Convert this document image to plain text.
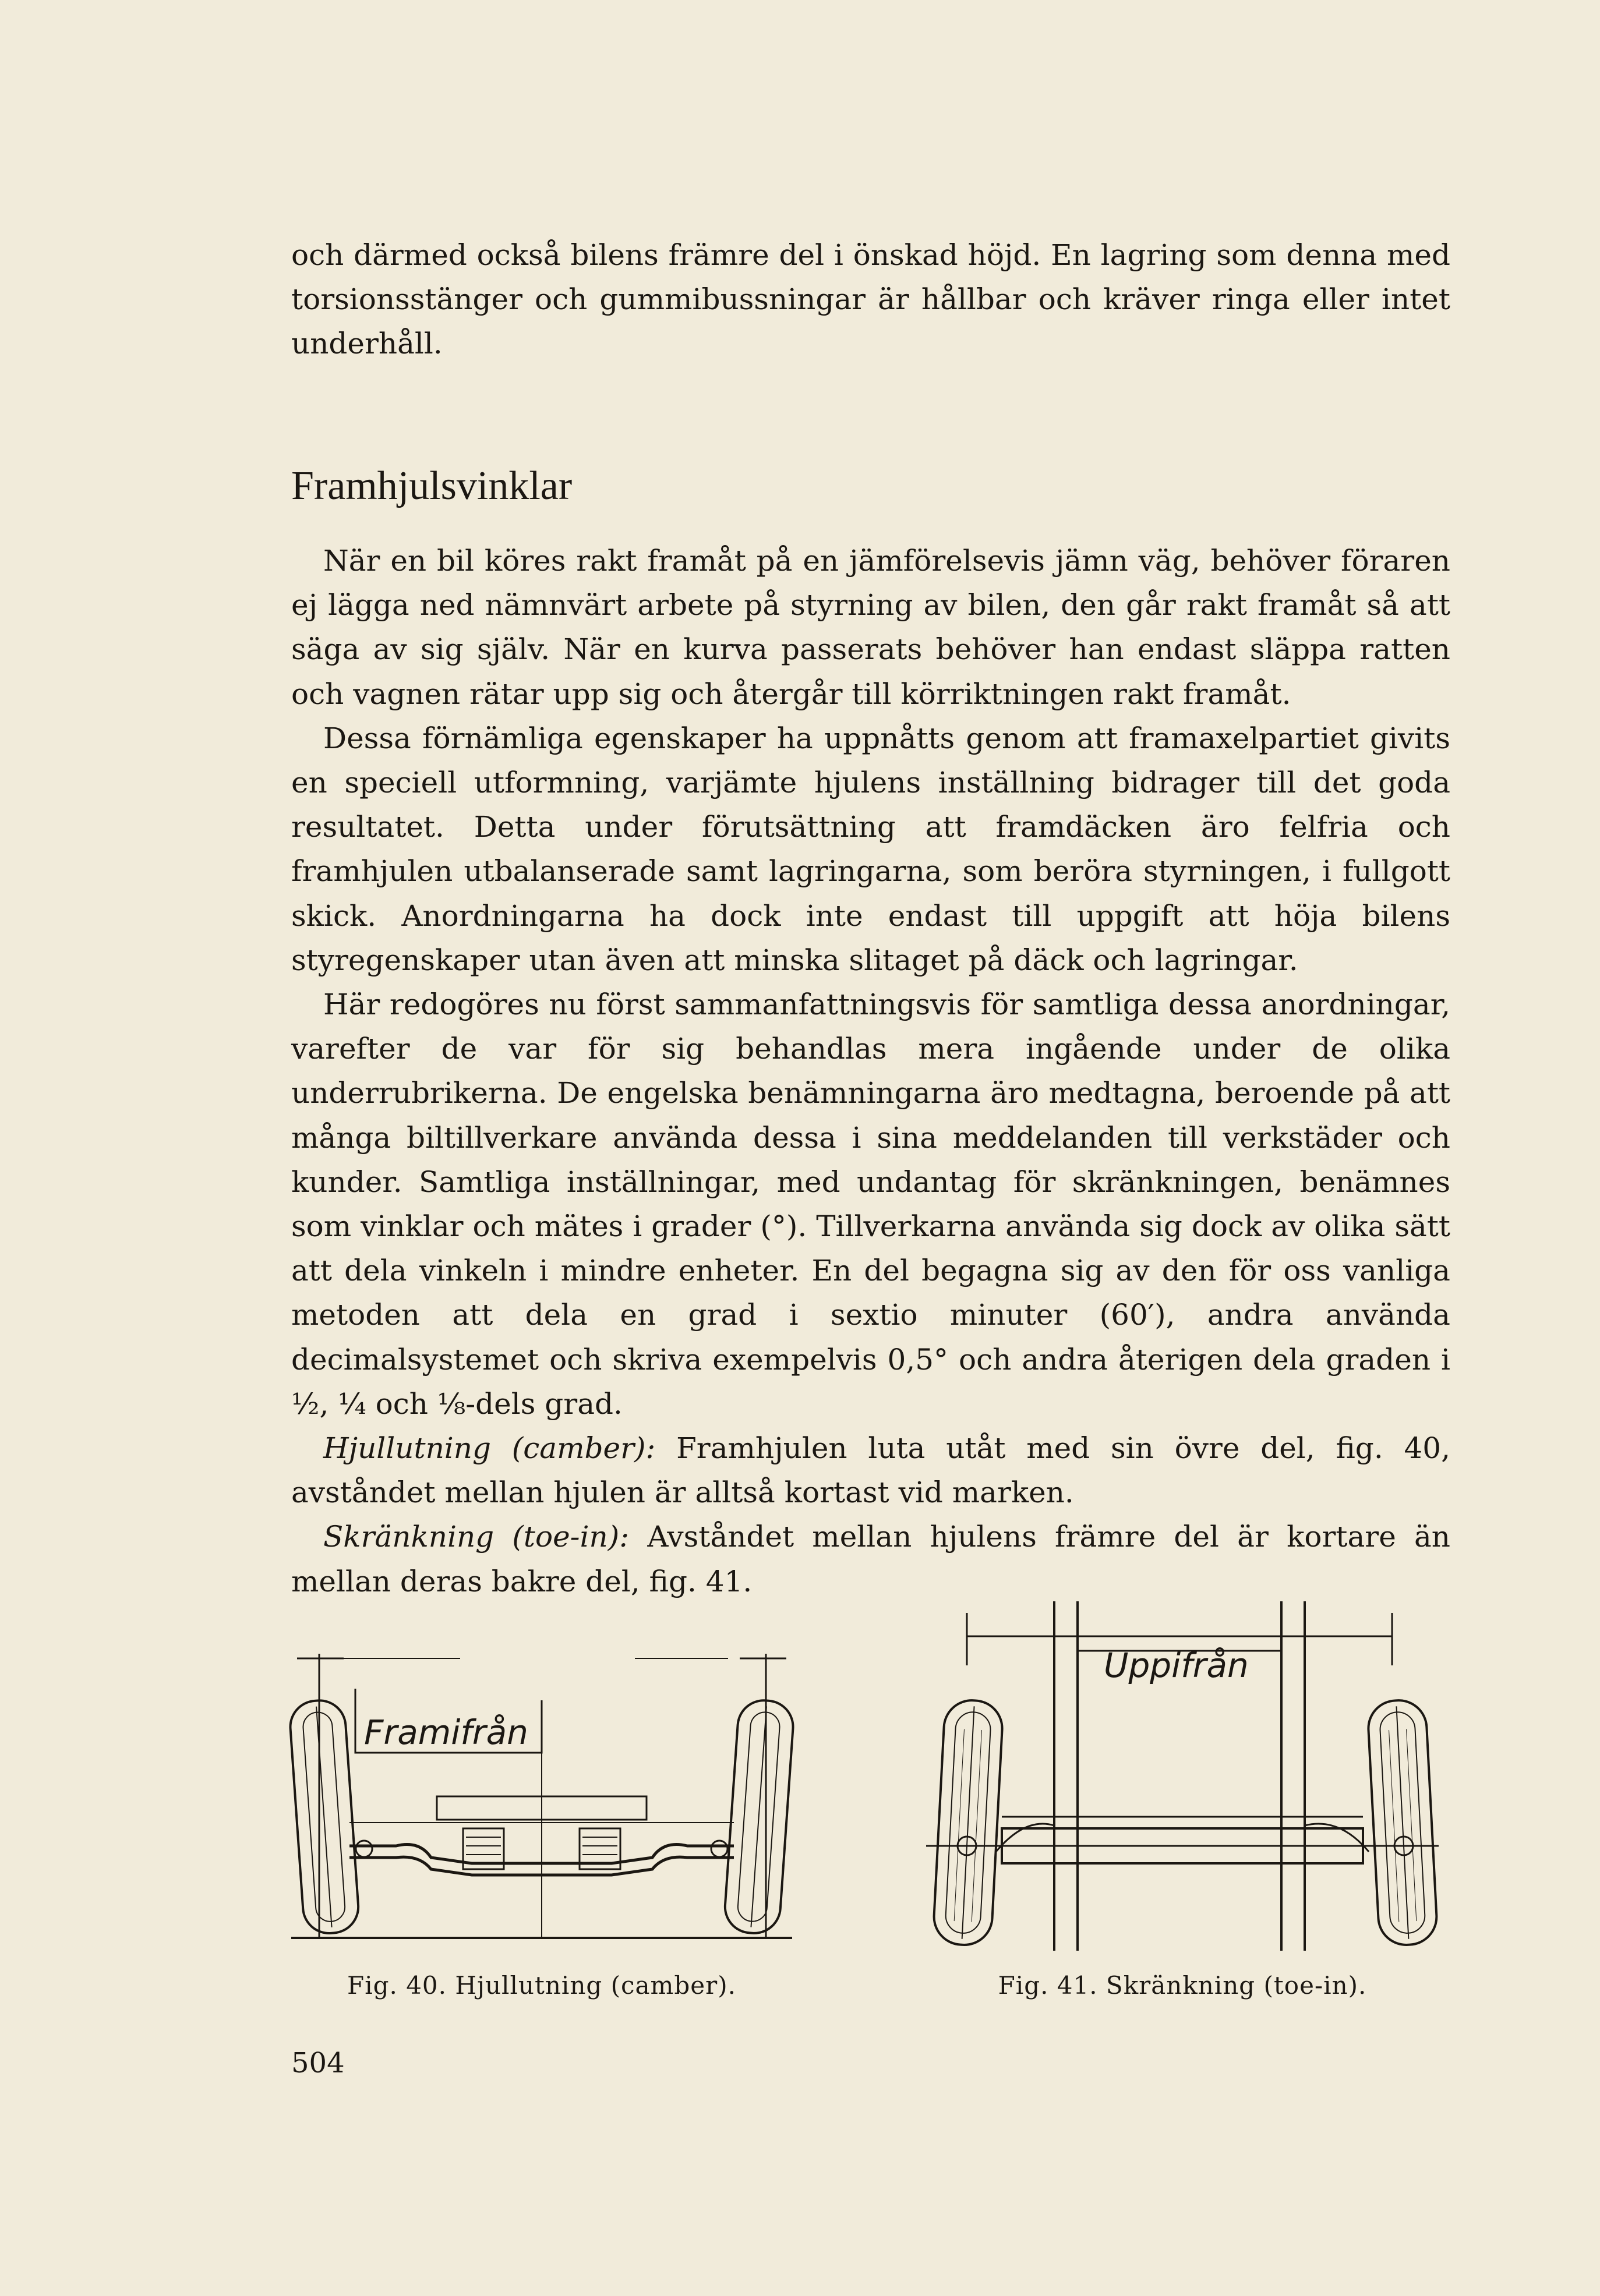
och därmed också bilens främre del i önskad höjd. En lagring som denna med torsionsstänger och gummibussningar är hållbar och kräver ringa eller intet underhåll.

Framhjulsvinklar

När en bil köres rakt framåt på en jämförelsevis jämn väg, behöver föraren ej lägga ned nämnvärt arbete på styrning av bilen, den går rakt framåt så att säga av sig själv. När en kurva passerats behöver han endast släppa ratten och vagnen rätar upp sig och återgår till körriktningen rakt framåt.

Dessa förnämliga egenskaper ha uppnåtts genom att framaxelpartiet givits en speciell utformning, varjämte hjulens inställning bidrager till det goda resultatet. Detta under förutsättning att framdäcken äro felfria och framhjulen utbalanserade samt lagringarna, som beröra styrningen, i fullgott skick. Anordningarna ha dock inte endast till uppgift att höja bilens styregenskaper utan även att minska slitaget på däck och lagringar.

Här redogöres nu först sammanfattningsvis för samtliga dessa anordningar, varefter de var för sig behandlas mera ingående under de olika underrubrikerna. De engelska benämningarna äro medtagna, beroende på att många biltillverkare använda dessa i sina meddelanden till verkstäder och kunder. Samtliga inställningar, med undantag för skränkningen, benämnes som vinklar och mätes i grader (°). Tillverkarna använda sig dock av olika sätt att dela vinkeln i mindre enheter. En del begagna sig av den för oss vanliga metoden att dela en grad i sextio minuter (60′), andra använda decimalsystemet och skriva exempelvis 0,5° och andra återigen dela graden i ½, ¼ och ⅛-dels grad.

Hjullutning (camber): Framhjulen luta utåt med sin övre del, fig. 40, avståndet mellan hjulen är alltså kortast vid marken.

Skränkning (toe-in): Avståndet mellan hjulens främre del är kortare än mellan deras bakre del, fig. 41.

Framifrån
Uppifrån

Fig. 40. Hjullutning (camber).	Fig. 41. Skränkning (toe-in).

504
